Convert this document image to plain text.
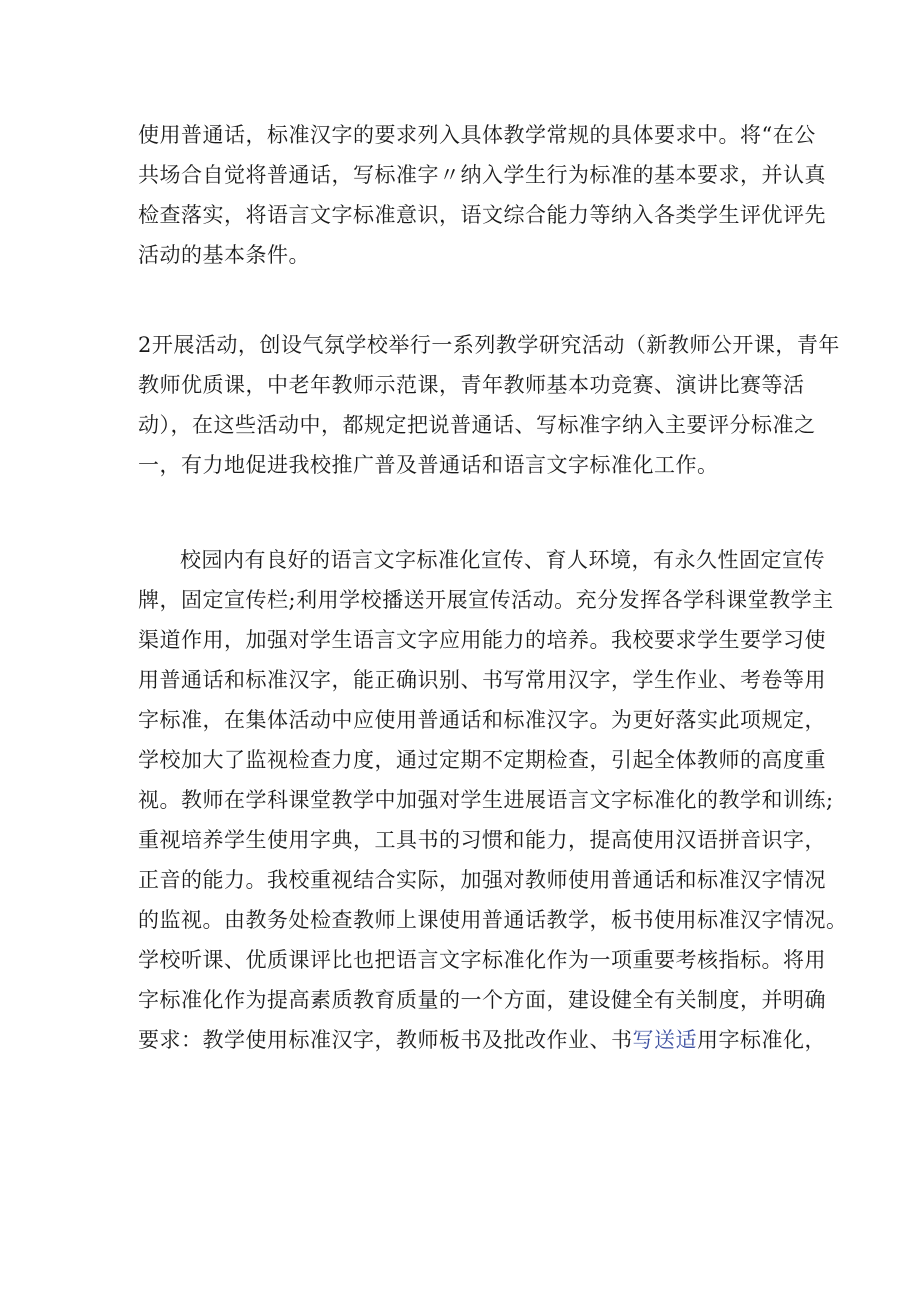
使用普通话，标准汉字的要求列入具体教学常规的具体要求中。将“在公
共场合自觉将普通话，写标准字〃纳入学生行为标准的基本要求，并认真
检查落实，将语言文字标准意识，语文综合能力等纳入各类学生评优评先
活动的基本条件。
2开展活动，创设气氛学校举行一系列教学研究活动（新教师公开课，青年
教师优质课，中老年教师示范课，青年教师基本功竞赛、演讲比赛等活
动），在这些活动中，都规定把说普通话、写标准字纳入主要评分标准之
一，有力地促进我校推广普及普通话和语言文字标准化工作。
校园内有良好的语言文字标准化宣传、育人环境，有永久性固定宣传
牌，固定宣传栏;利用学校播送开展宣传活动。充分发挥各学科课堂教学主
渠道作用，加强对学生语言文字应用能力的培养。我校要求学生要学习使
用普通话和标准汉字，能正确识别、书写常用汉字，学生作业、考卷等用
字标准，在集体活动中应使用普通话和标准汉字。为更好落实此项规定，
学校加大了监视检查力度，通过定期不定期检查，引起全体教师的高度重
视。教师在学科课堂教学中加强对学生进展语言文字标准化的教学和训练;
重视培养学生使用字典，工具书的习惯和能力，提高使用汉语拼音识字，
正音的能力。我校重视结合实际，加强对教师使用普通话和标准汉字情况
的监视。由教务处检查教师上课使用普通话教学，板书使用标准汉字情况。
学校听课、优质课评比也把语言文字标准化作为一项重要考核指标。将用
字标准化作为提高素质教育质量的一个方面，建设健全有关制度，并明确
要求：教学使用标准汉字，教师板书及批改作业、书写送适用字标准化，
